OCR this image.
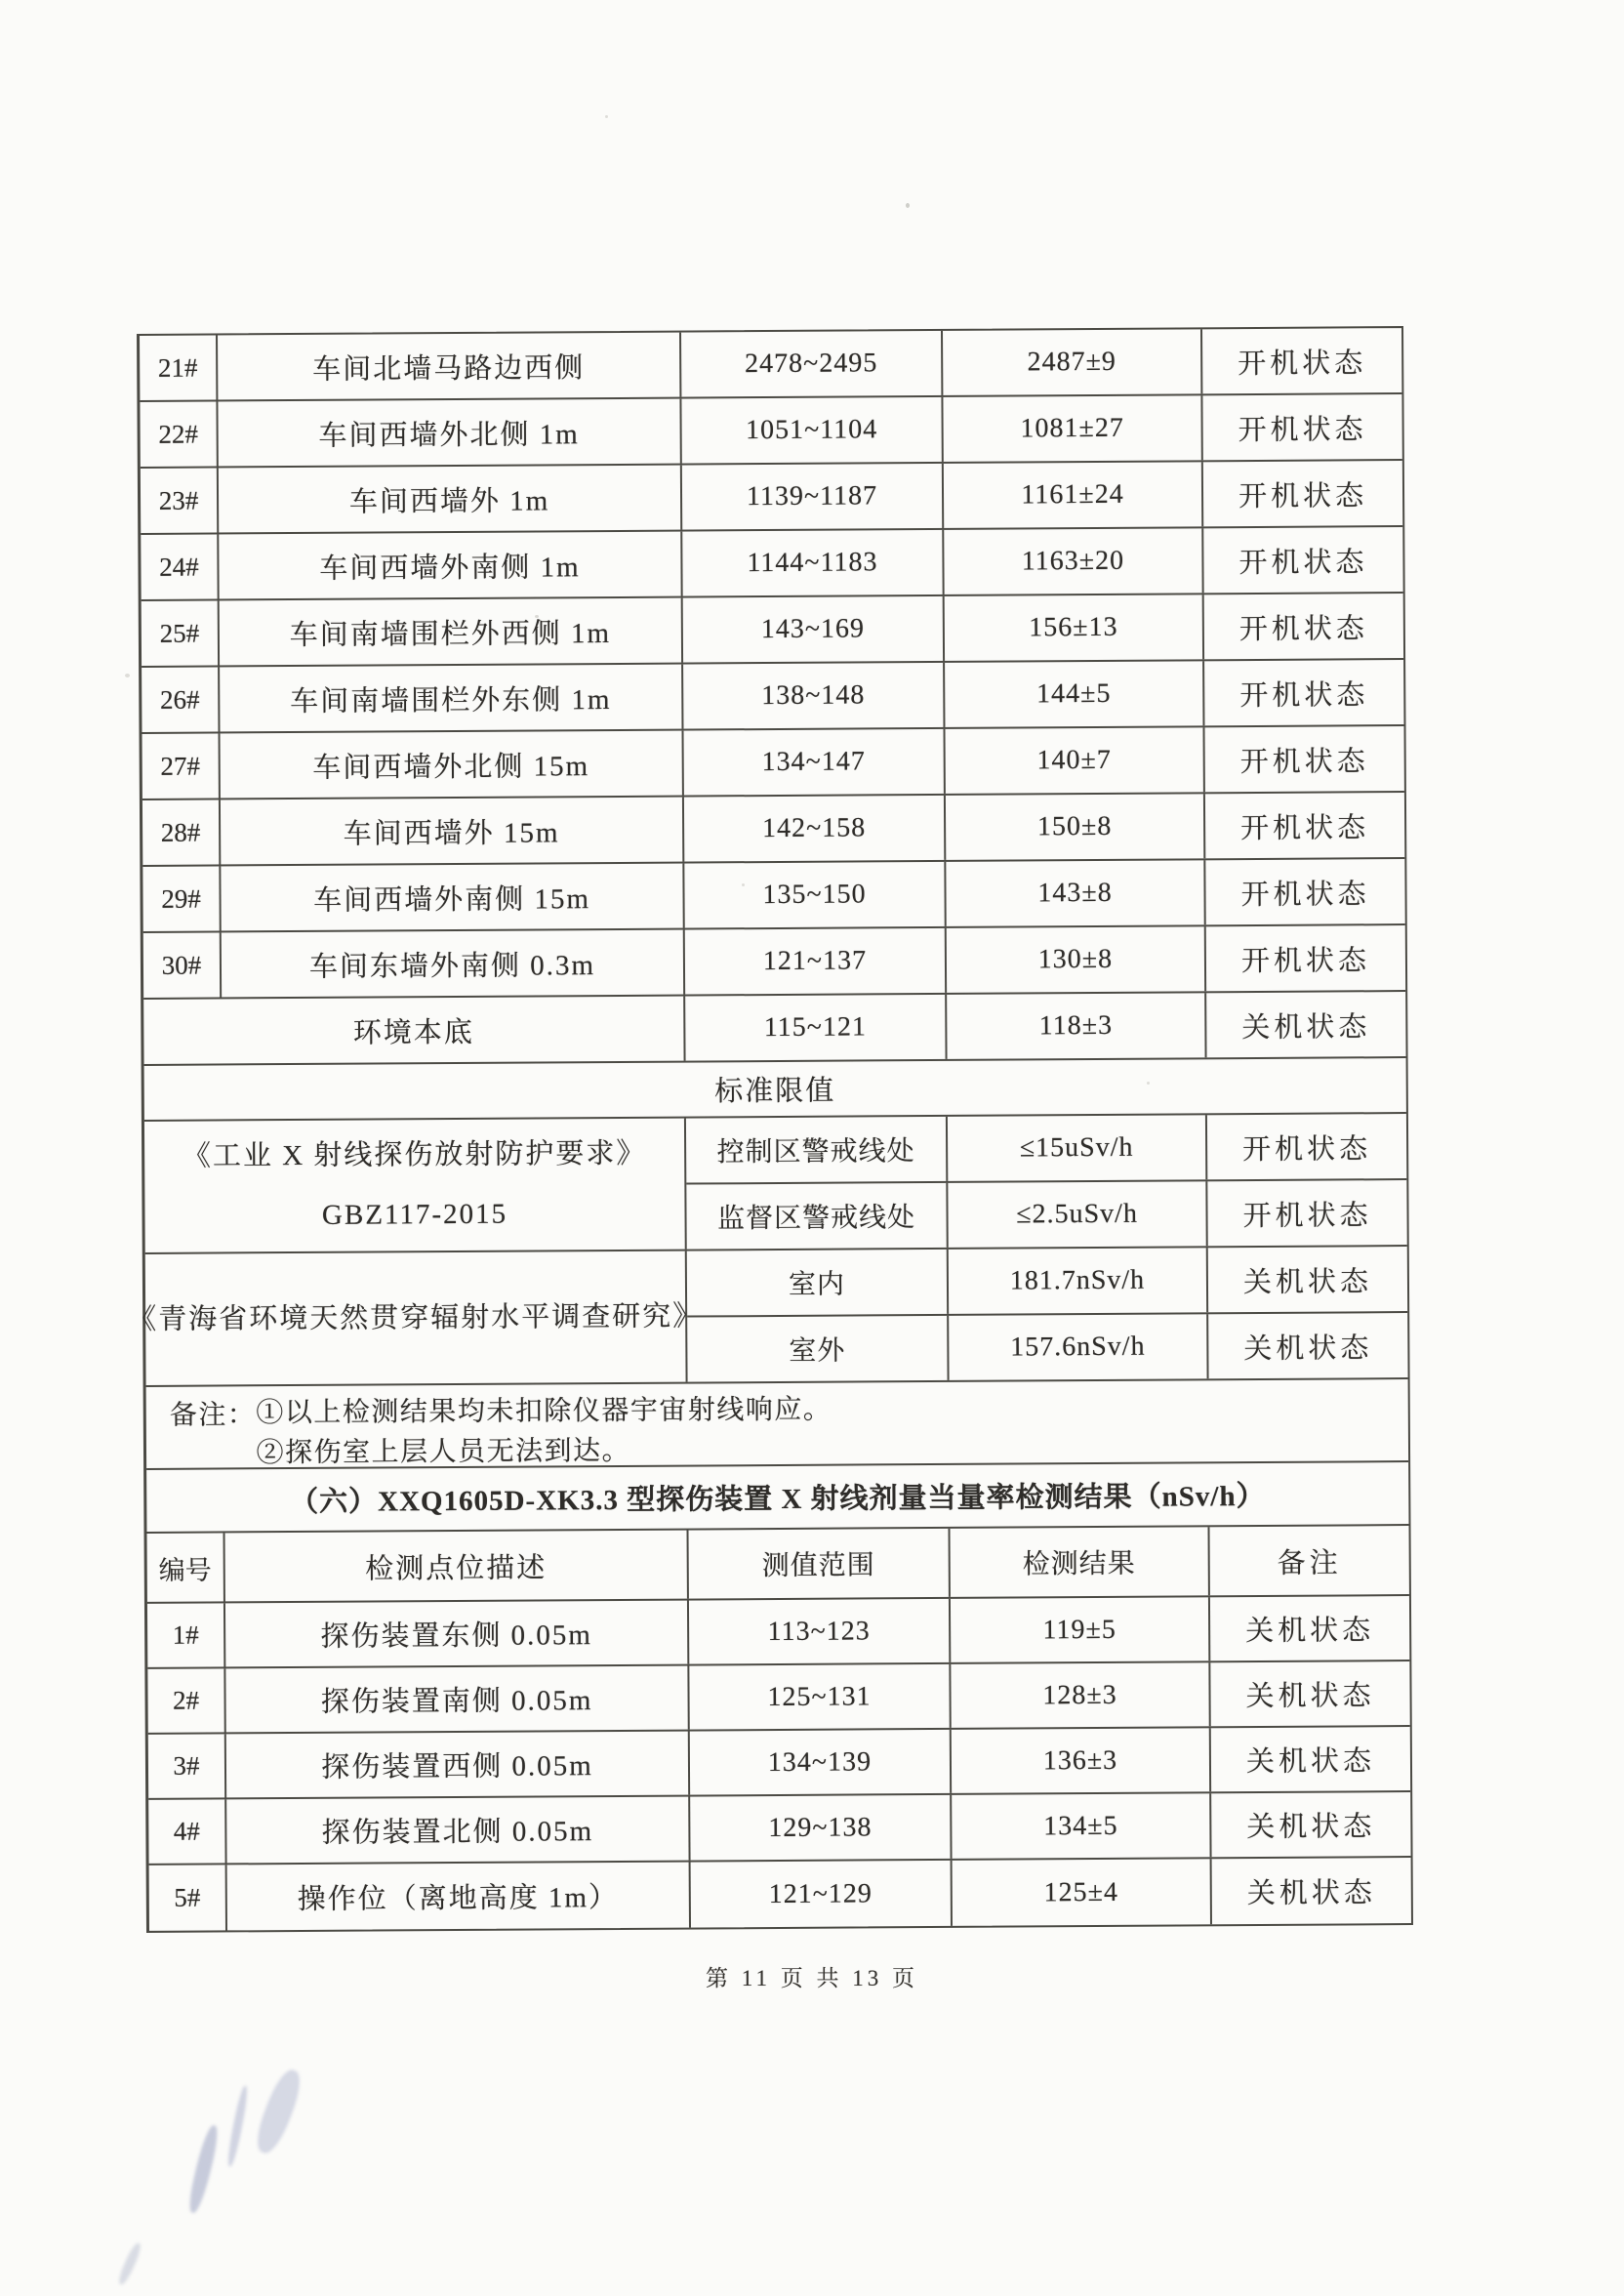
21#	车间北墙马路边西侧	2478~2495	2487±9	开机状态
22#	车间西墙外北侧 1m	1051~1104	1081±27	开机状态
23#	车间西墙外 1m	1139~1187	1161±24	开机状态
24#	车间西墙外南侧 1m	1144~1183	1163±20	开机状态
25#	车间南墙围栏外西侧 1m	143~169	156±13	开机状态
26#	车间南墙围栏外东侧 1m	138~148	144±5	开机状态
27#	车间西墙外北侧 15m	134~147	140±7	开机状态
28#	车间西墙外 15m	142~158	150±8	开机状态
29#	车间西墙外南侧 15m	135~150	143±8	开机状态
30#	车间东墙外南侧 0.3m	121~137	130±8	开机状态
环境本底	115~121	118±3	关机状态
标准限值
《工业 X 射线探伤放射防护要求》
GBZ117-2015
控制区警戒线处	≤15uSv/h	开机状态
监督区警戒线处	≤2.5uSv/h	开机状态
《青海省环境天然贯穿辐射水平调查研究》
室内	181.7nSv/h	关机状态
室外	157.6nSv/h	关机状态
备注： ①以上检测结果均未扣除仪器宇宙射线响应。
②探伤室上层人员无法到达。
（六）XXQ1605D-XK3.3 型探伤装置 X 射线剂量当量率检测结果（nSv/h）
编号	检测点位描述	测值范围	检测结果	备注
1#	探伤装置东侧 0.05m	113~123	119±5	关机状态
2#	探伤装置南侧 0.05m	125~131	128±3	关机状态
3#	探伤装置西侧 0.05m	134~139	136±3	关机状态
4#	探伤装置北侧 0.05m	129~138	134±5	关机状态
5#	操作位（离地高度 1m）	121~129	125±4	关机状态
第 11 页 共 13 页
